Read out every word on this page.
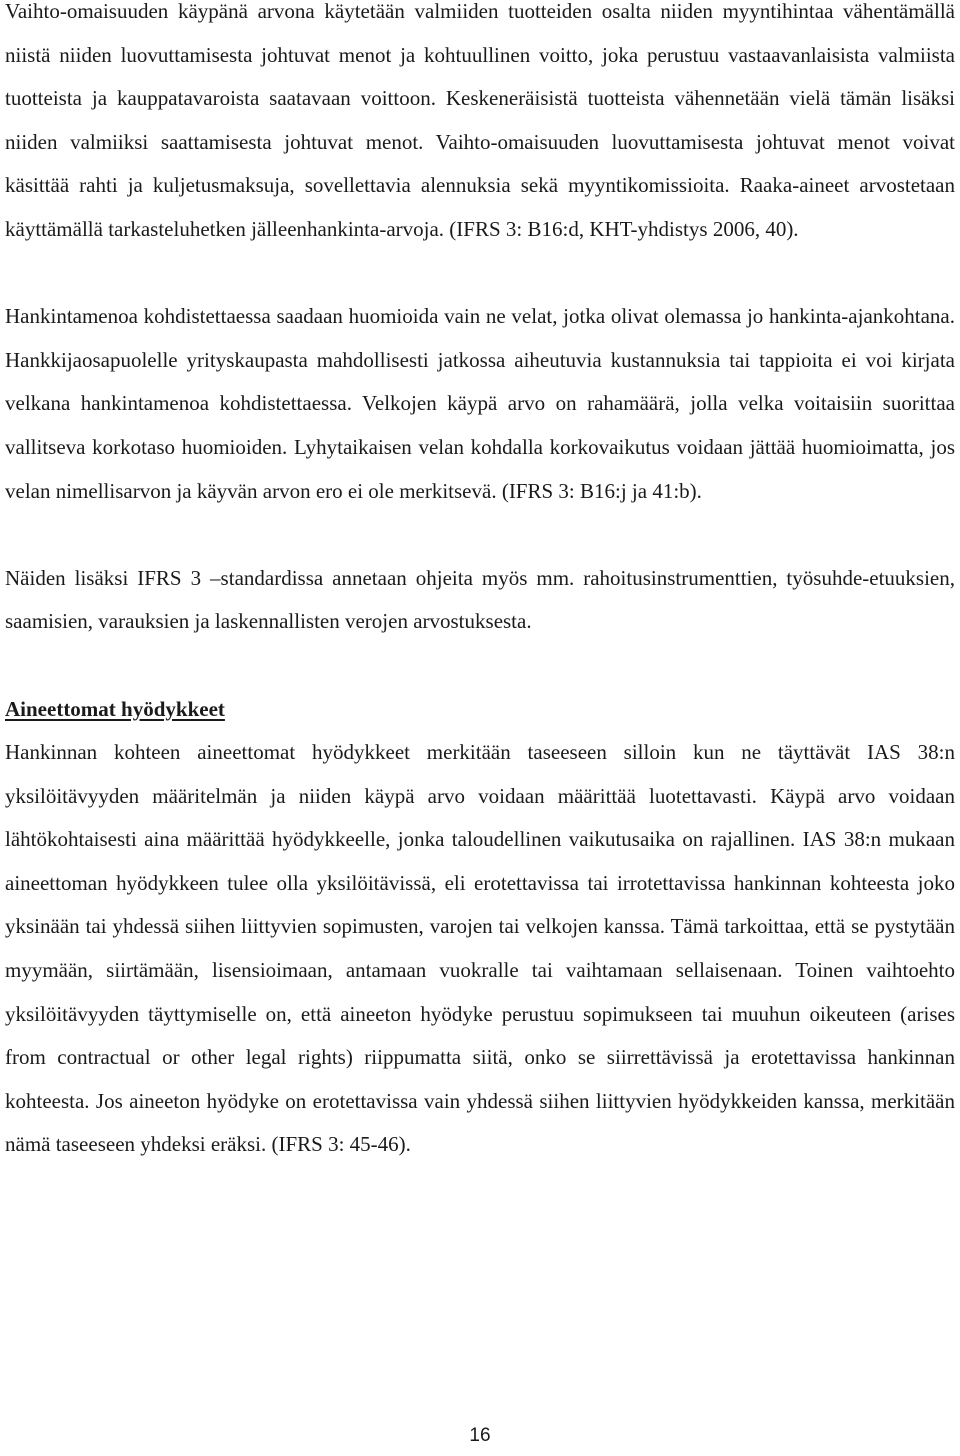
Vaihto-omaisuuden käypänä arvona käytetään valmiiden tuotteiden osalta niiden myyntihintaa vähentämällä niistä niiden luovuttamisesta johtuvat menot ja kohtuullinen voitto, joka perustuu vastaavanlaisista valmiista tuotteista ja kauppatavaroista saatavaan voittoon. Keskeneräisistä tuotteista vähennetään vielä tämän lisäksi niiden valmiiksi saattamisesta johtuvat menot. Vaihto-omaisuuden luovuttamisesta johtuvat menot voivat käsittää rahti ja kuljetusmaksuja, sovellettavia alennuksia sekä myyntikomissioita. Raaka-aineet arvostetaan käyttämällä tarkasteluhetken jälleenhankinta-arvoja. (IFRS 3: B16:d, KHT-yhdistys 2006, 40).

Hankintamenoa kohdistettaessa saadaan huomioida vain ne velat, jotka olivat olemassa jo hankinta-ajankohtana. Hankkijaosapuolelle yrityskaupasta mahdollisesti jatkossa aiheutuvia kustannuksia tai tappioita ei voi kirjata velkana hankintamenoa kohdistettaessa. Velkojen käypä arvo on rahamäärä, jolla velka voitaisiin suorittaa vallitseva korkotaso huomioiden. Lyhytaikaisen velan kohdalla korkovaikutus voidaan jättää huomioimatta, jos velan nimellisarvon ja käyvän arvon ero ei ole merkitsevä. (IFRS 3: B16:j ja 41:b).

Näiden lisäksi IFRS 3 –standardissa annetaan ohjeita myös mm. rahoitusinstrumenttien, työsuhde-etuuksien, saamisien, varauksien ja laskennallisten verojen arvostuksesta.

Aineettomat hyödykkeet

Hankinnan kohteen aineettomat hyödykkeet merkitään taseeseen silloin kun ne täyttävät IAS 38:n yksilöitävyyden määritelmän ja niiden käypä arvo voidaan määrittää luotettavasti. Käypä arvo voidaan lähtökohtaisesti aina määrittää hyödykkeelle, jonka taloudellinen vaikutusaika on rajallinen. IAS 38:n mukaan aineettoman hyödykkeen tulee olla yksilöitävissä, eli erotettavissa tai irrotettavissa hankinnan kohteesta joko yksinään tai yhdessä siihen liittyvien sopimusten, varojen tai velkojen kanssa. Tämä tarkoittaa, että se pystytään myymään, siirtämään, lisensioimaan, antamaan vuokralle tai vaihtamaan sellaisenaan. Toinen vaihtoehto yksilöitävyyden täyttymiselle on, että aineeton hyödyke perustuu sopimukseen tai muuhun oikeuteen (arises from contractual or other legal rights) riippumatta siitä, onko se siirrettävissä ja erotettavissa hankinnan kohteesta. Jos aineeton hyödyke on erotettavissa vain yhdessä siihen liittyvien hyödykkeiden kanssa, merkitään nämä taseeseen yhdeksi eräksi. (IFRS 3: 45-46).

16
